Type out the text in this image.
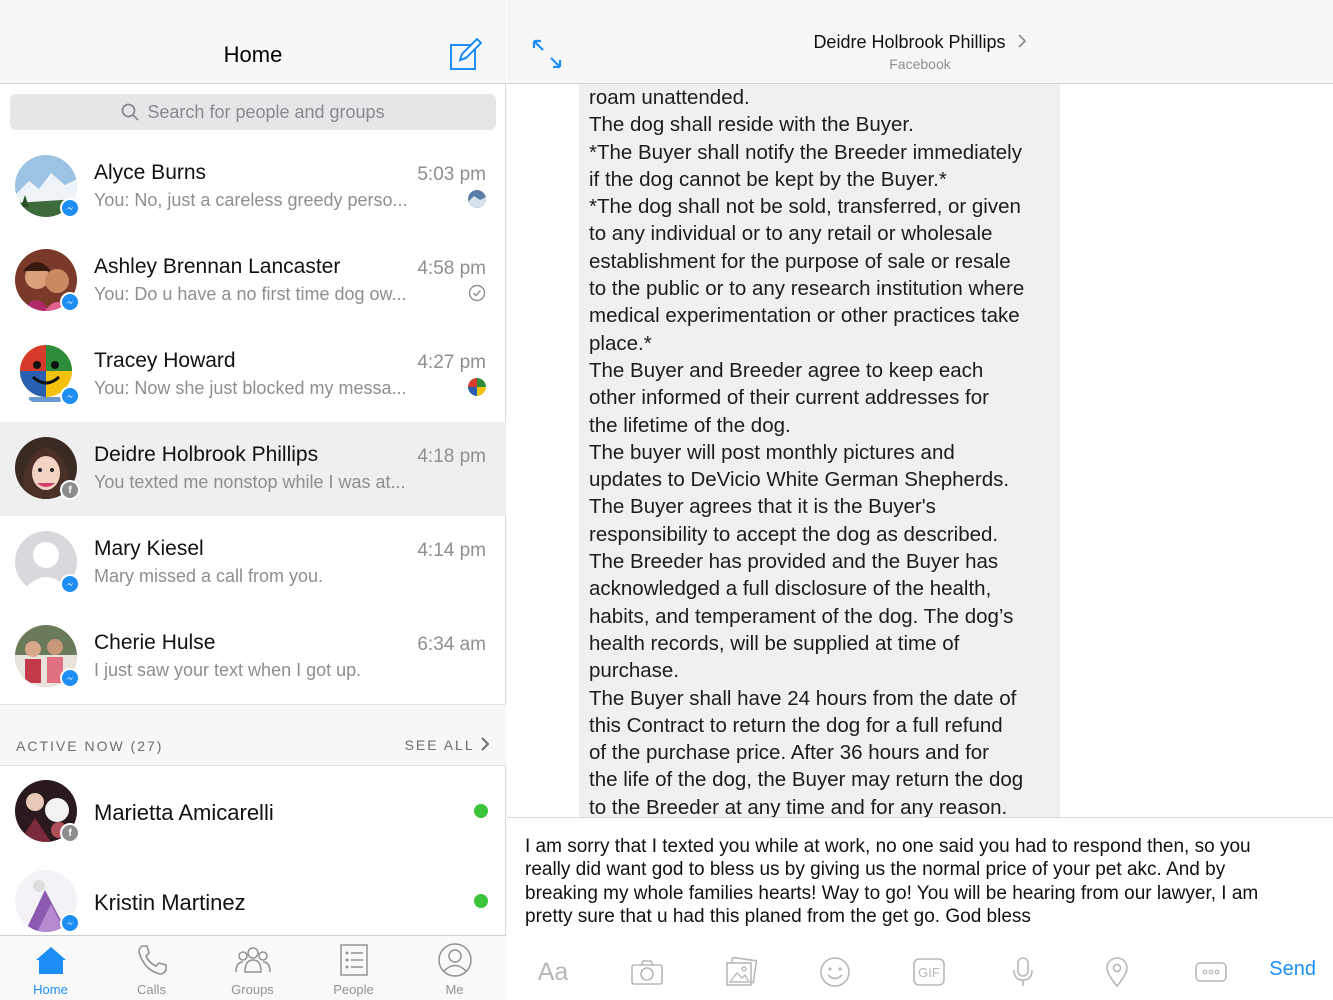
Home
Search for people and groups
Alyce Burns	5:03 pm
You: No, just a careless greedy perso...
Ashley Brennan Lancaster	4:58 pm
You: Do u have a no first time dog ow...
Tracey Howard	4:27 pm
You: Now she just blocked my messa...
f
Deidre Holbrook Phillips	4:18 pm
You texted me nonstop while I was at...
Mary Kiesel	4:14 pm
Mary missed a call from you.
Cherie Hulse	6:34 am
I just saw your text when I got up.
ACTIVE NOW (27)	SEE ALL
f
Marietta Amicarelli
Kristin Martinez
Home	Calls	Groups	People	Me
Deidre Holbrook Phillips
Facebook
roam unattended.
The dog shall reside with the Buyer.
*The Buyer shall notify the Breeder immediately
if the dog cannot be kept by the Buyer.*
*The dog shall not be sold, transferred, or given
to any individual or to any retail or wholesale
establishment for the purpose of sale or resale
to the public or to any research institution where
medical experimentation or other practices take
place.*
The Buyer and Breeder agree to keep each
other informed of their current addresses for
the lifetime of the dog.
The buyer will post monthly pictures and
updates to DeVicio White German Shepherds.
The Buyer agrees that it is the Buyer's
responsibility to accept the dog as described.
The Breeder has provided and the Buyer has
acknowledged a full disclosure of the health,
habits, and temperament of the dog. The dog’s
health records, will be supplied at time of
purchase.
The Buyer shall have 24 hours from the date of
this Contract to return the dog for a full refund
of the purchase price. After 36 hours and for
the life of the dog, the Buyer may return the dog
to the Breeder at any time and for any reason.
I am sorry that I texted you while at work, no one said you had to respond then, so you
really did want god to bless us by giving us the normal price of your pet akc. And by
breaking my whole families hearts! Way to go! You will be hearing from our lawyer, I am
pretty sure that u had this planed from the get go. God bless
Aa	GIF	Send
